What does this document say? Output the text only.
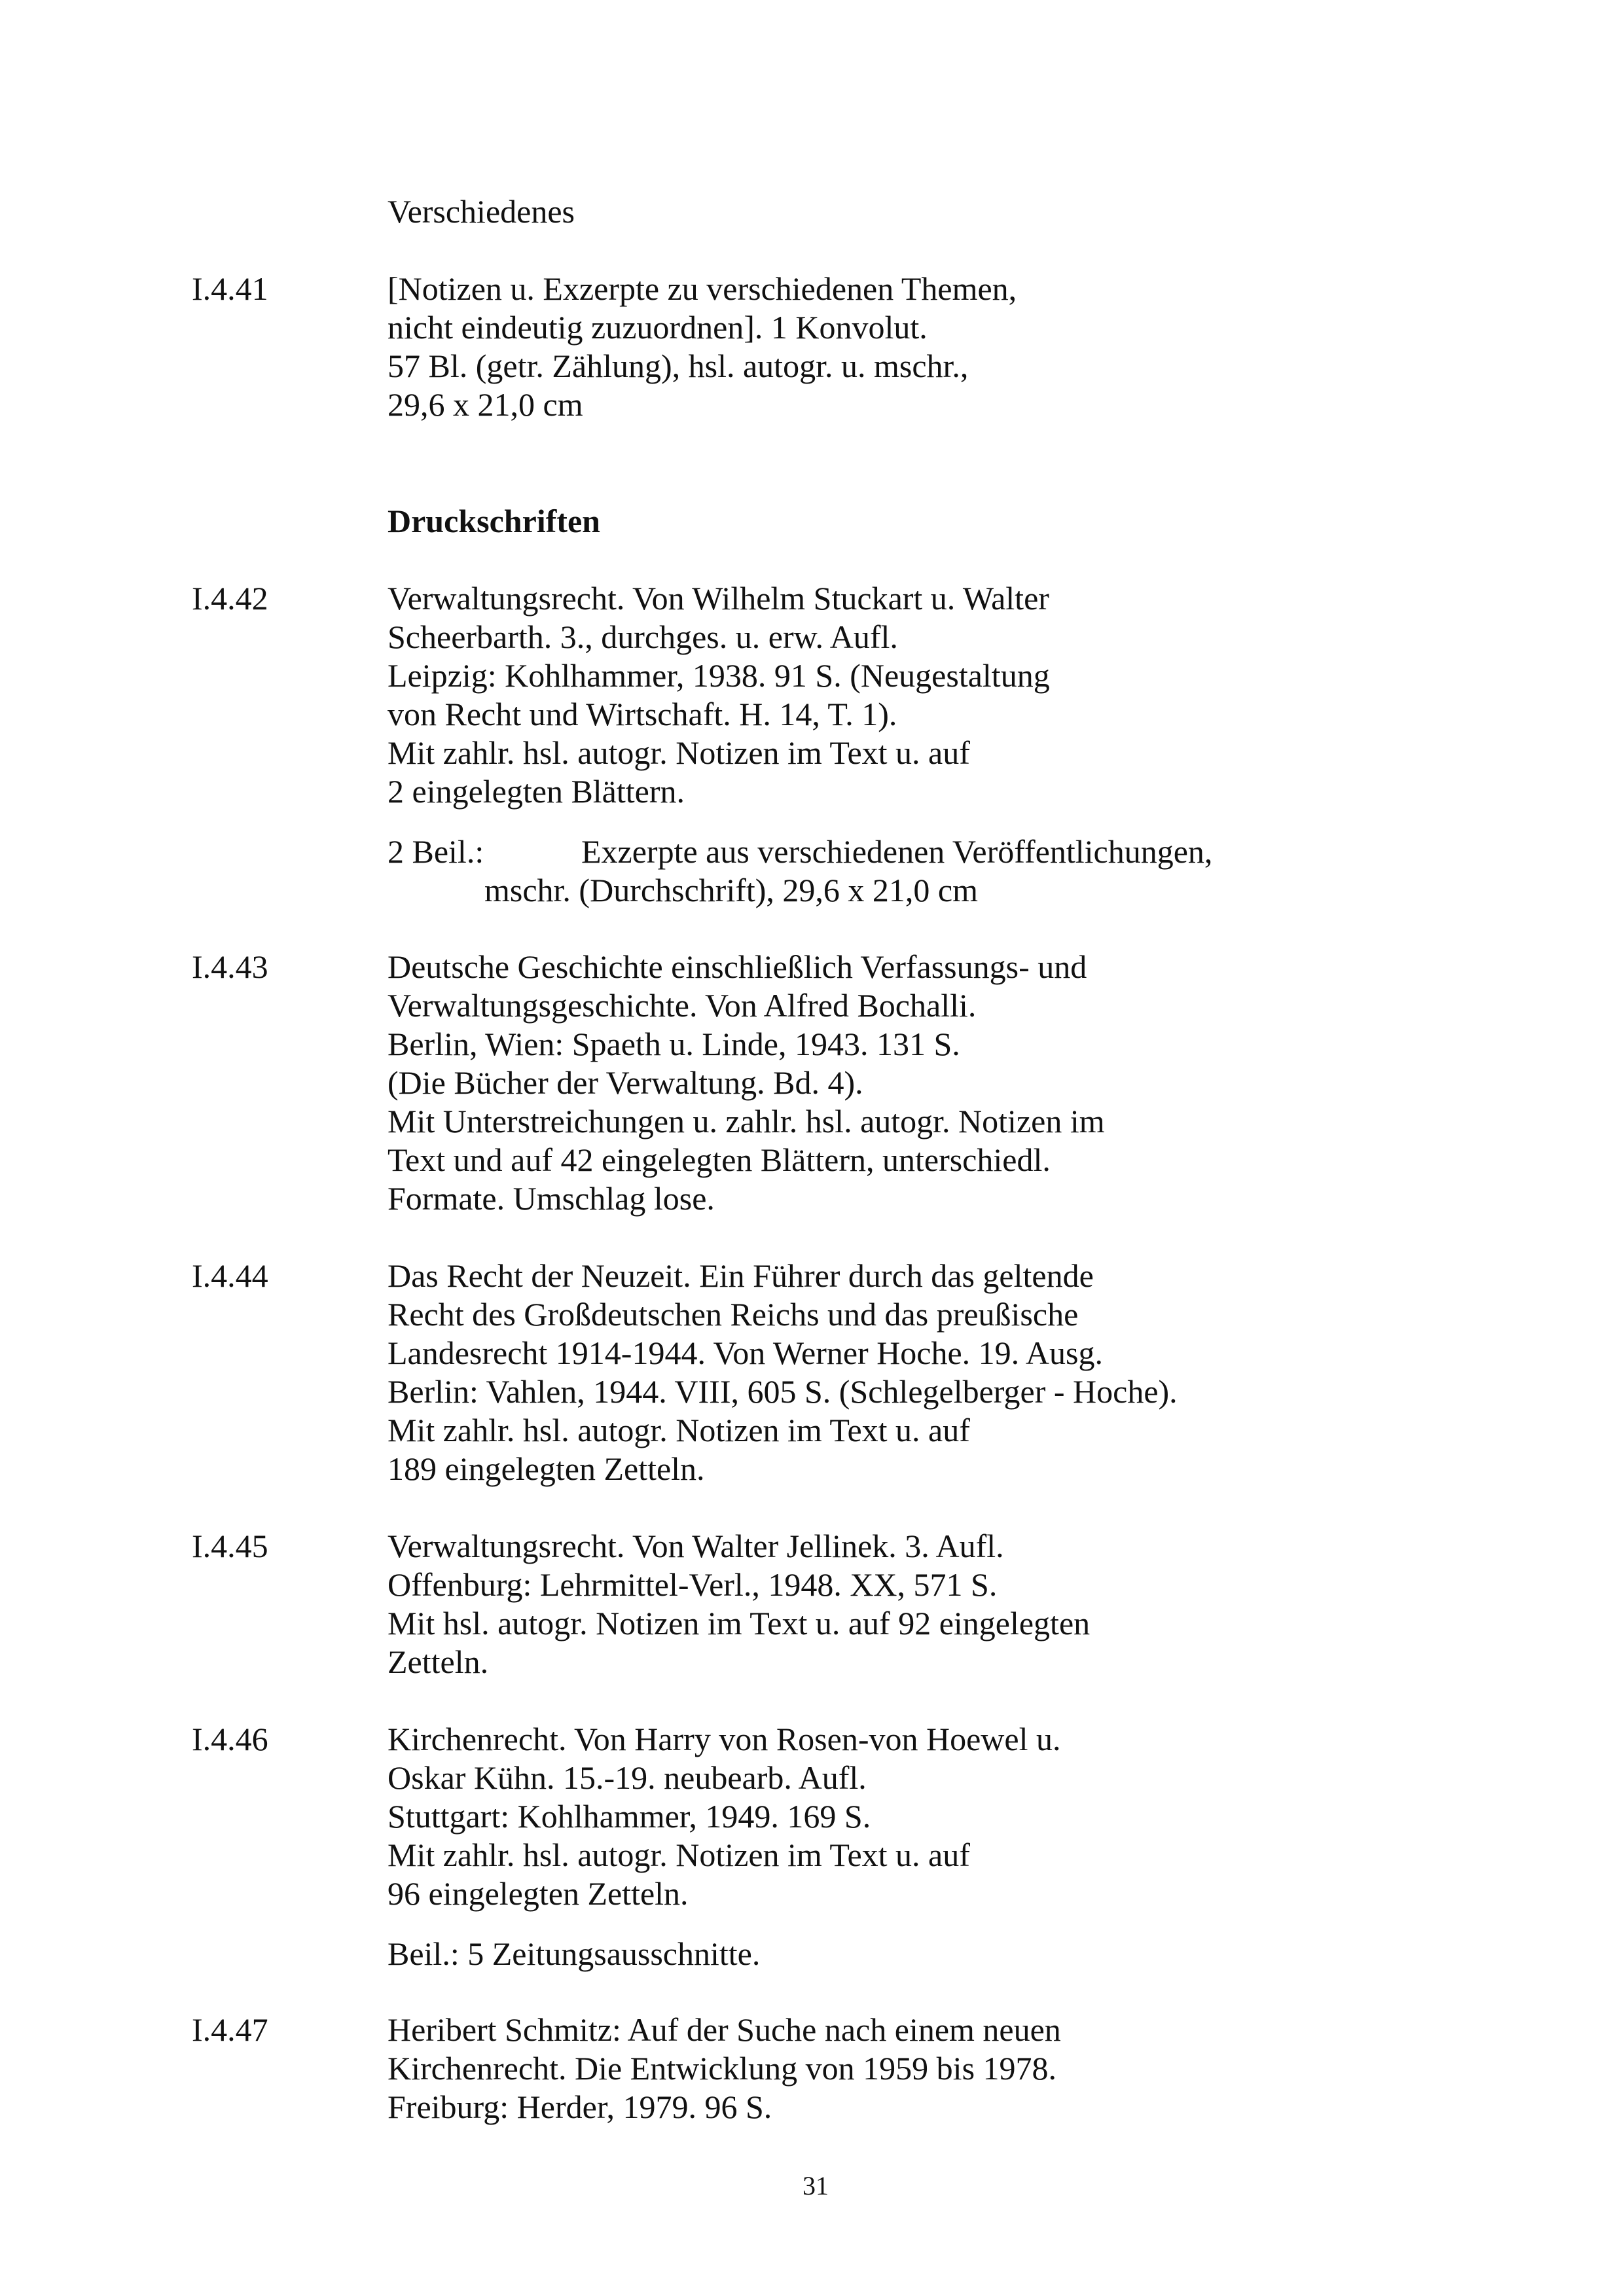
Verschiedenes
I.4.41	[Notizen u. Exzerpte zu verschiedenen Themen,
nicht eindeutig zuzuordnen]. 1 Konvolut.
57 Bl. (getr. Zählung), hsl. autogr. u. mschr.,
29,6 x 21,0 cm
Druckschriften
I.4.42	Verwaltungsrecht. Von Wilhelm Stuckart u. Walter
Scheerbarth. 3., durchges. u. erw. Aufl.
Leipzig: Kohlhammer, 1938. 91 S. (Neugestaltung
von Recht und Wirtschaft. H. 14, T. 1).
Mit zahlr. hsl. autogr. Notizen im Text u. auf
2 eingelegten Blättern.
2 Beil.:	Exzerpte aus verschiedenen Veröffentlichungen,
mschr. (Durchschrift), 29,6 x 21,0 cm
I.4.43	Deutsche Geschichte einschließlich Verfassungs- und
Verwaltungsgeschichte. Von Alfred Bochalli.
Berlin, Wien: Spaeth u. Linde, 1943. 131 S.
(Die Bücher der Verwaltung. Bd. 4).
Mit Unterstreichungen u. zahlr. hsl. autogr. Notizen im
Text und auf 42 eingelegten Blättern, unterschiedl.
Formate. Umschlag lose.
I.4.44	Das Recht der Neuzeit. Ein Führer durch das geltende
Recht des Großdeutschen Reichs und das preußische
Landesrecht 1914-1944. Von Werner Hoche. 19. Ausg.
Berlin: Vahlen, 1944. VIII, 605 S. (Schlegelberger - Hoche).
Mit zahlr. hsl. autogr. Notizen im Text u. auf
189 eingelegten Zetteln.
I.4.45	Verwaltungsrecht. Von Walter Jellinek. 3. Aufl.
Offenburg: Lehrmittel-Verl., 1948. XX, 571 S.
Mit hsl. autogr. Notizen im Text u. auf 92 eingelegten
Zetteln.
I.4.46	Kirchenrecht. Von Harry von Rosen-von Hoewel u.
Oskar Kühn. 15.-19. neubearb. Aufl.
Stuttgart: Kohlhammer, 1949. 169 S.
Mit zahlr. hsl. autogr. Notizen im Text u. auf
96 eingelegten Zetteln.
Beil.: 5 Zeitungsausschnitte.
I.4.47	Heribert Schmitz: Auf der Suche nach einem neuen
Kirchenrecht. Die Entwicklung von 1959 bis 1978.
Freiburg: Herder, 1979. 96 S.
31
